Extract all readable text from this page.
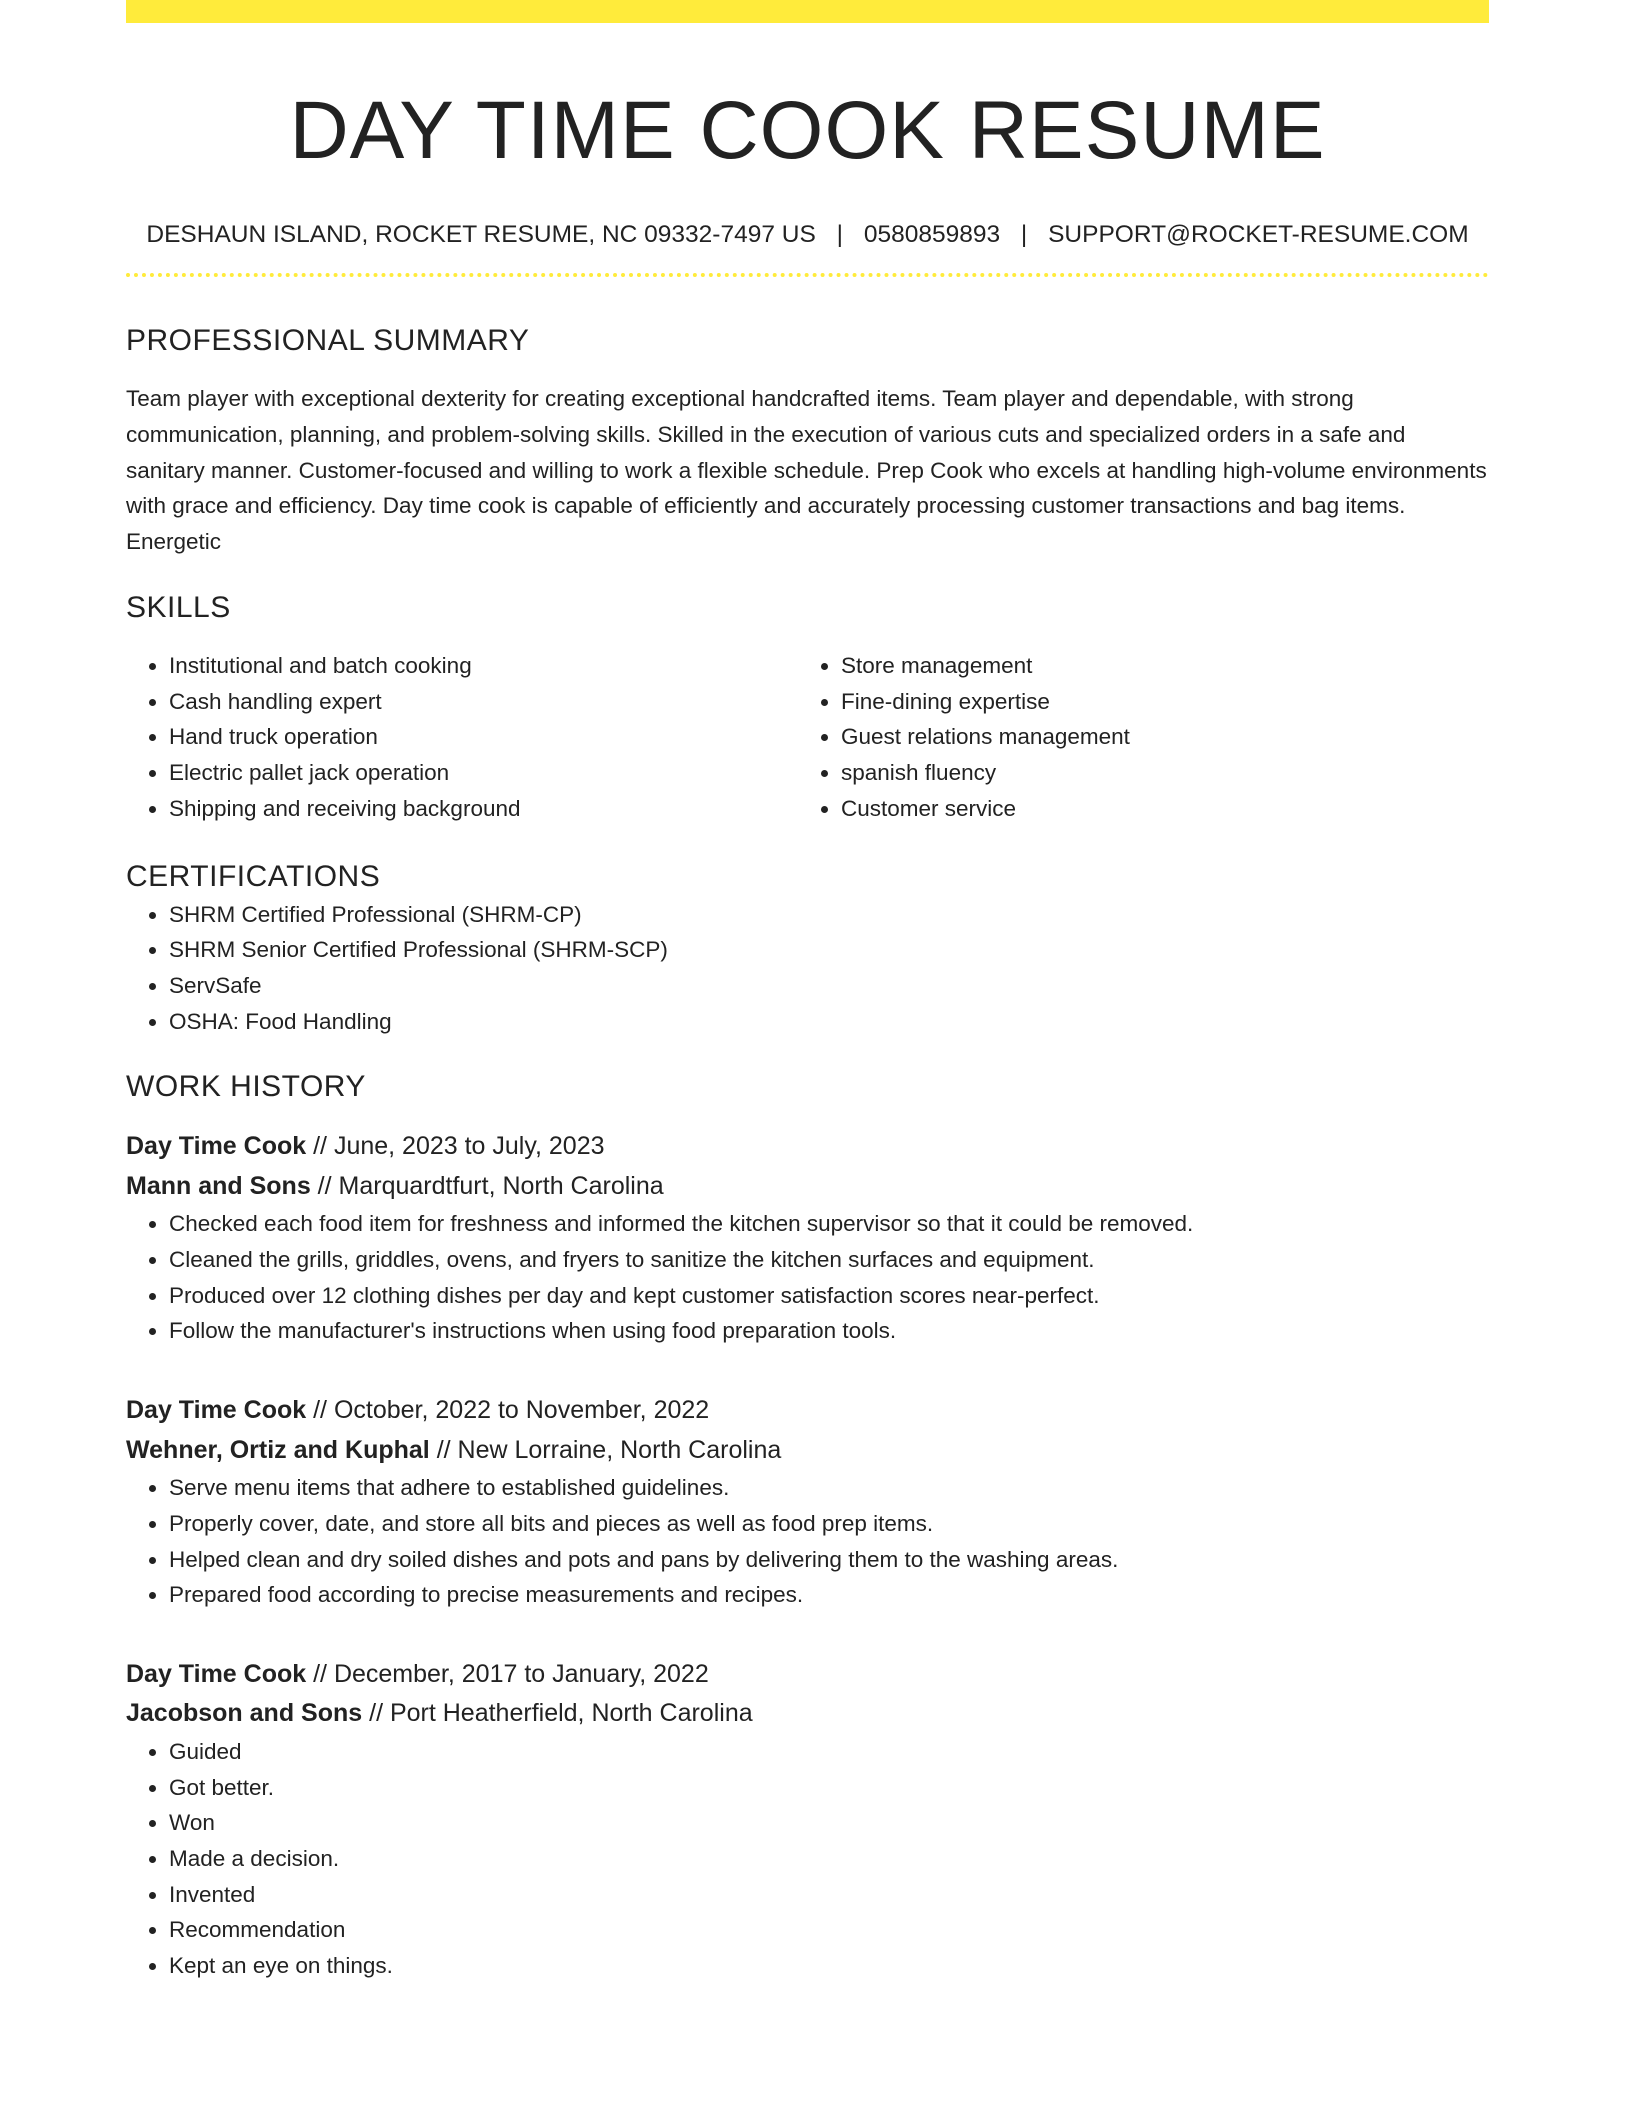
DAY TIME COOK RESUME
DESHAUN ISLAND, ROCKET RESUME, NC 09332-7497 US | 0580859893 | SUPPORT@ROCKET-RESUME.COM
PROFESSIONAL SUMMARY
Team player with exceptional dexterity for creating exceptional handcrafted items. Team player and dependable, with strong communication, planning, and problem-solving skills. Skilled in the execution of various cuts and specialized orders in a safe and sanitary manner. Customer-focused and willing to work a flexible schedule. Prep Cook who excels at handling high-volume environments with grace and efficiency. Day time cook is capable of efficiently and accurately processing customer transactions and bag items. Energetic
SKILLS
• Institutional and batch cooking
• Cash handling expert
• Hand truck operation
• Electric pallet jack operation
• Shipping and receiving background
• Store management
• Fine-dining expertise
• Guest relations management
• spanish fluency
• Customer service
CERTIFICATIONS
• SHRM Certified Professional (SHRM-CP)
• SHRM Senior Certified Professional (SHRM-SCP)
• ServSafe
• OSHA: Food Handling
WORK HISTORY
Day Time Cook // June, 2023 to July, 2023
Mann and Sons // Marquardtfurt, North Carolina
• Checked each food item for freshness and informed the kitchen supervisor so that it could be removed.
• Cleaned the grills, griddles, ovens, and fryers to sanitize the kitchen surfaces and equipment.
• Produced over 12 clothing dishes per day and kept customer satisfaction scores near-perfect.
• Follow the manufacturer's instructions when using food preparation tools.
Day Time Cook // October, 2022 to November, 2022
Wehner, Ortiz and Kuphal // New Lorraine, North Carolina
• Serve menu items that adhere to established guidelines.
• Properly cover, date, and store all bits and pieces as well as food prep items.
• Helped clean and dry soiled dishes and pots and pans by delivering them to the washing areas.
• Prepared food according to precise measurements and recipes.
Day Time Cook // December, 2017 to January, 2022
Jacobson and Sons // Port Heatherfield, North Carolina
• Guided
• Got better.
• Won
• Made a decision.
• Invented
• Recommendation
• Kept an eye on things.
